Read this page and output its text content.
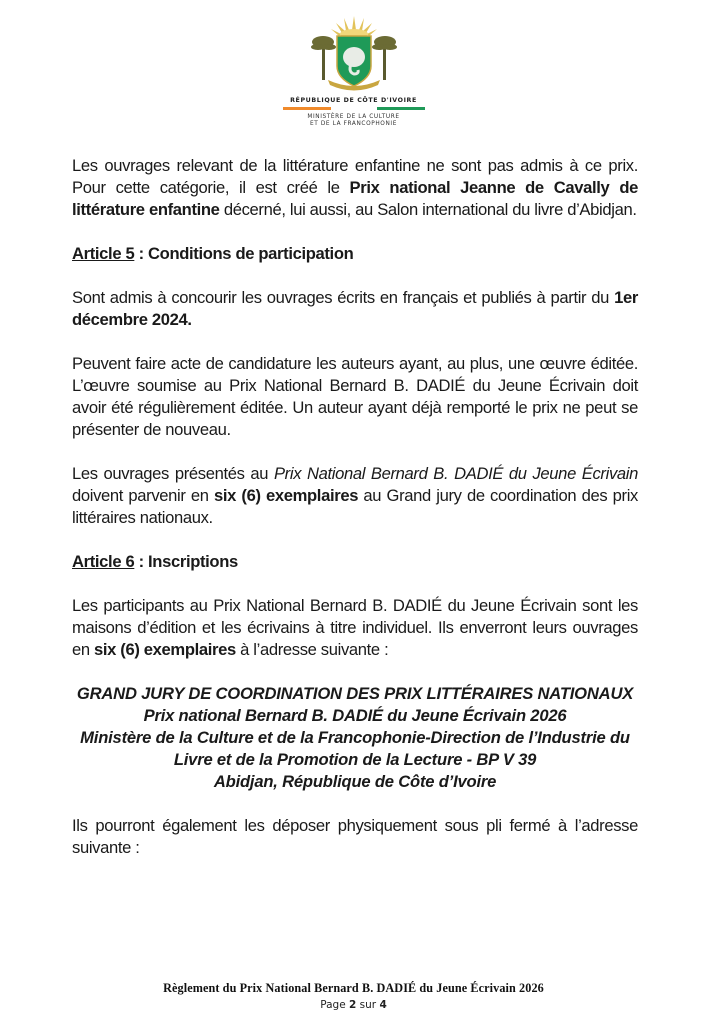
RÉPUBLIQUE DE CÔTE D'IVOIRE
MINISTÈRE DE LA CULTURE
ET DE LA FRANCOPHONIE

Les ouvrages relevant de la littérature enfantine ne sont pas admis à ce prix. Pour cette catégorie, il est créé le Prix national Jeanne de Cavally de littérature enfantine décerné, lui aussi, au Salon international du livre d’Abidjan.

Article 5 : Conditions de participation

Sont admis à concourir les ouvrages écrits en français et publiés à partir du 1er décembre 2024.

Peuvent faire acte de candidature les auteurs ayant, au plus, une œuvre éditée. L’œuvre soumise au Prix National Bernard B. DADIÉ du Jeune Écrivain doit avoir été régulièrement éditée. Un auteur ayant déjà remporté le prix ne peut se présenter de nouveau.

Les ouvrages présentés au Prix National Bernard B. DADIÉ du Jeune Écrivain doivent parvenir en six (6) exemplaires au Grand jury de coordination des prix littéraires nationaux.

Article 6 : Inscriptions

Les participants au Prix National Bernard B. DADIÉ du Jeune Écrivain sont les maisons d’édition et les écrivains à titre individuel. Ils enverront leurs ouvrages en six (6) exemplaires à l’adresse suivante :

GRAND JURY DE COORDINATION DES PRIX LITTÉRAIRES NATIONAUX
Prix national Bernard B. DADIÉ du Jeune Écrivain 2026
Ministère de la Culture et de la Francophonie-Direction de l’Industrie du Livre et de la Promotion de la Lecture - BP V 39
Abidjan, République de Côte d’Ivoire

Ils pourront également les déposer physiquement sous pli fermé à l’adresse suivante :

Règlement du Prix National Bernard B. DADIÉ du Jeune Écrivain 2026
Page 2 sur 4
